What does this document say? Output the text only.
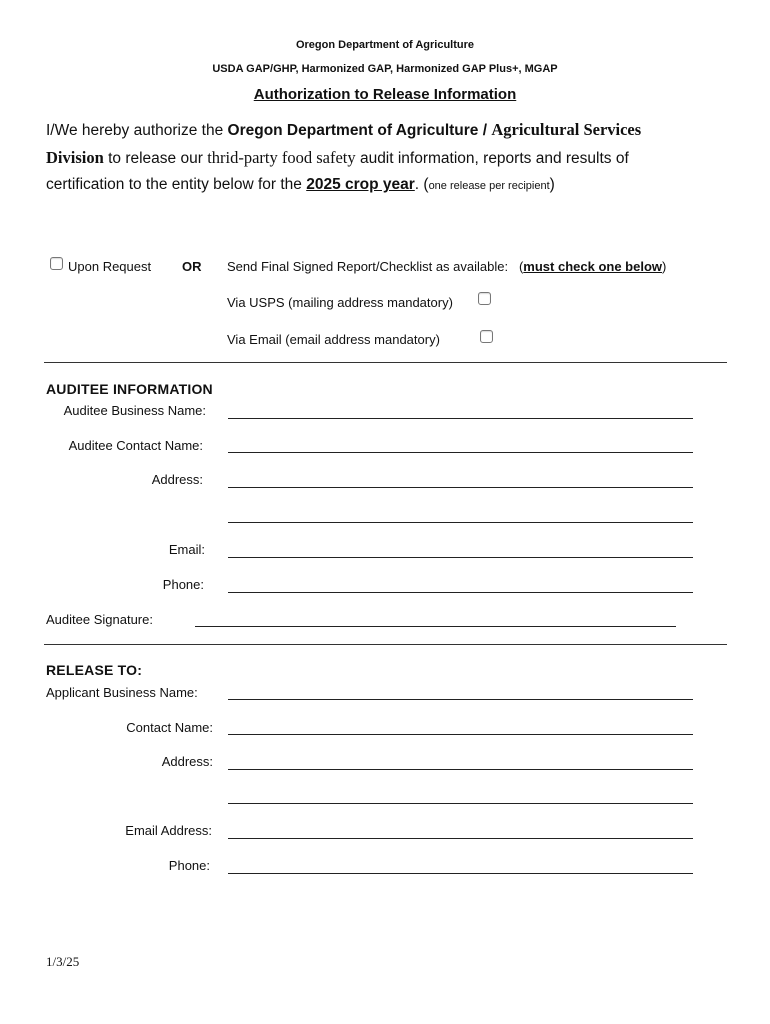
Oregon Department of Agriculture
USDA GAP/GHP, Harmonized GAP, Harmonized GAP Plus+, MGAP
Authorization to Release Information
I/We hereby authorize the Oregon Department of Agriculture / Agricultural Services Division to release our thrid-party food safety audit information, reports and results of certification to the entity below for the 2025 crop year. (one release per recipient)
Upon Request OR Send Final Signed Report/Checklist as available: (must check one below)
Via USPS (mailing address mandatory)
Via Email (email address mandatory)
AUDITEE INFORMATION
Auditee Business Name:
Auditee Contact Name:
Address:
Email:
Phone:
Auditee Signature:
RELEASE TO:
Applicant Business Name:
Contact Name:
Address:
Email Address:
Phone:
1/3/25
